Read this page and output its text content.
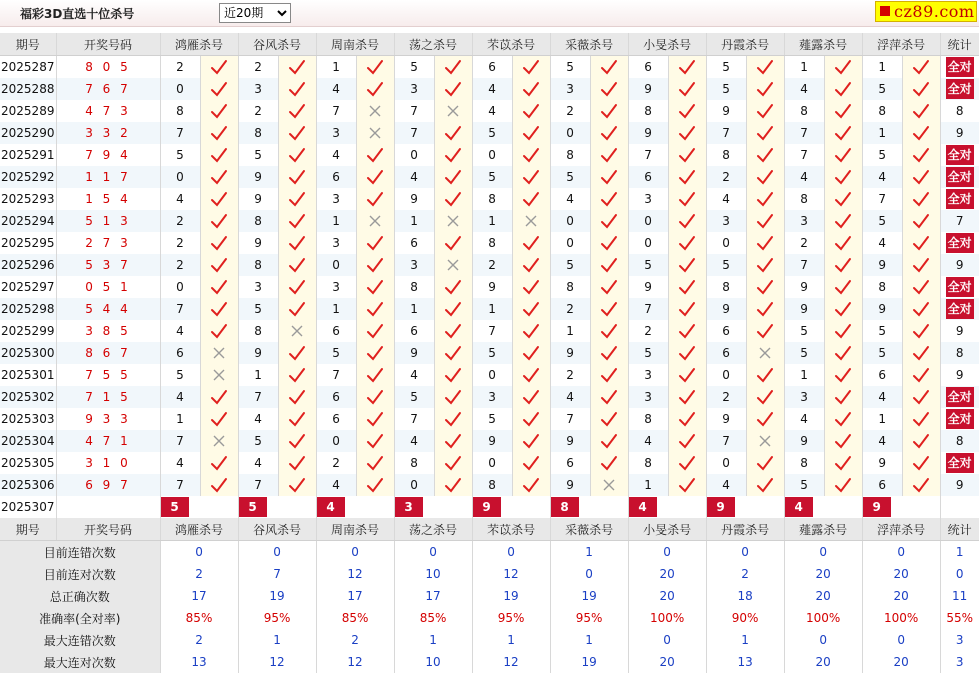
福彩3D直选十位杀号
近20期	cz89.com
期号	开奖号码	鸿雁杀号		谷风杀号		周南杀号		荡之杀号		芣苡杀号		采薇杀号		小旻杀号		丹霞杀号		薤露杀号		浮萍杀号		统计
2025287	8 0 5	2		2		1		5		6		5		6		5		1		1		全对
2025288	7 6 7	0		3		4		3		4		3		9		5		4		5		全对
2025289	4 7 3	8		2		7		7		4		2		8		9		8		8		8
2025290	3 3 2	7		8		3		7		5		0		9		7		7		1		9
2025291	7 9 4	5		5		4		0		0		8		7		8		7		5		全对
2025292	1 1 7	0		9		6		4		5		5		6		2		4		4		全对
2025293	1 5 4	4		9		3		9		8		4		3		4		8		7		全对
2025294	5 1 3	2		8		1		1		1		0		0		3		3		5		7
2025295	2 7 3	2		9		3		6		8		0		0		0		2		4		全对
2025296	5 3 7	2		8		0		3		2		5		5		5		7		9		9
2025297	0 5 1	0		3		3		8		9		8		9		8		9		8		全对
2025298	5 4 4	7		5		1		1		1		2		7		9		9		9		全对
2025299	3 8 5	4		8		6		6		7		1		2		6		5		5		9
2025300	8 6 7	6		9		5		9		5		9		5		6		5		5		8
2025301	7 5 5	5		1		7		4		0		2		3		0		1		6		9
2025302	7 1 5	4		7		6		5		3		4		3		2		3		4		全对
2025303	9 3 3	1		4		6		7		5		7		8		9		4		1		全对
2025304	4 7 1	7		5		0		4		9		9		4		7		9		4		8
2025305	3 1 0	4		4		2		8		0		6		8		0		8		9		全对
2025306	6 9 7	7		7		4		0		8		9		1		4		5		6		9
2025307	当前期杀号	5		5		4		3		9		8		4		9		4		9		
期号	开奖号码	鸿雁杀号		谷风杀号		周南杀号		荡之杀号		芣苡杀号		采薇杀号		小旻杀号		丹霞杀号		薤露杀号		浮萍杀号		统计
目前连错次数		0		0		0		0		0		1		0		0		0		0		1
目前连对次数		2		7		12		10		12		0		20		2		20		20		0
总正确次数		17		19		17		17		19		19		20		18		20		20		11
准确率(全对率)		85%		95%		85%		85%		95%		95%		100%		90%		100%		100%		55%
最大连错次数		2		1		2		1		1		1		0		1		0		0		3
最大连对次数		13		12		12		10		12		19		20		13		20		20		3
